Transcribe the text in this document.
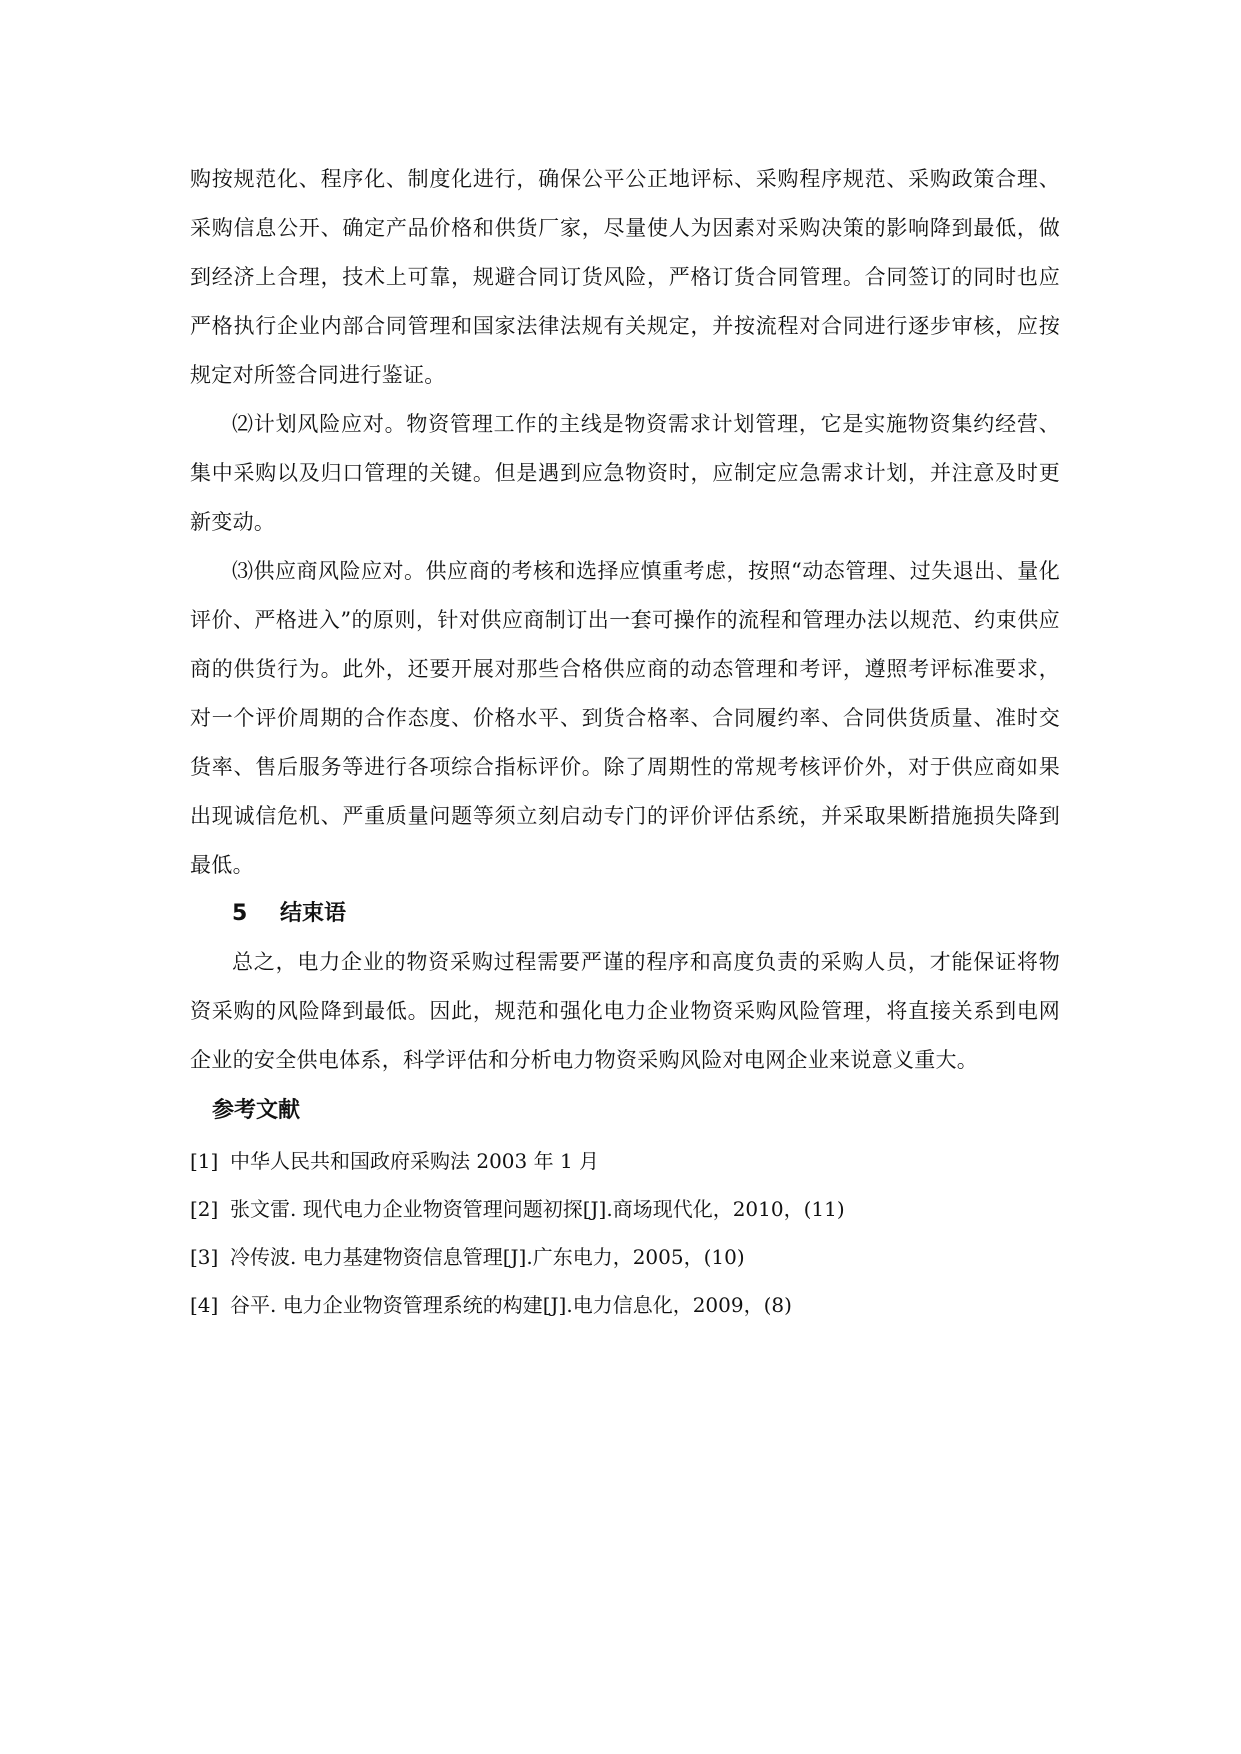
购按规范化、程序化、制度化进行，确保公平公正地评标、采购程序规范、采购政策合理、采购信息公开、确定产品价格和供货厂家，尽量使人为因素对采购决策的影响降到最低，做到经济上合理，技术上可靠，规避合同订货风险，严格订货合同管理。合同签订的同时也应严格执行企业内部合同管理和国家法律法规有关规定，并按流程对合同进行逐步审核，应按规定对所签合同进行鉴证。

⑵计划风险应对。物资管理工作的主线是物资需求计划管理，它是实施物资集约经营、集中采购以及归口管理的关键。但是遇到应急物资时，应制定应急需求计划，并注意及时更新变动。

⑶供应商风险应对。供应商的考核和选择应慎重考虑，按照“动态管理、过失退出、量化评价、严格进入”的原则，针对供应商制订出一套可操作的流程和管理办法以规范、约束供应商的供货行为。此外，还要开展对那些合格供应商的动态管理和考评，遵照考评标准要求，对一个评价周期的合作态度、价格水平、到货合格率、合同履约率、合同供货质量、准时交货率、售后服务等进行各项综合指标评价。除了周期性的常规考核评价外，对于供应商如果出现诚信危机、严重质量问题等须立刻启动专门的评价评估系统，并采取果断措施损失降到最低。

5 结束语

总之，电力企业的物资采购过程需要严谨的程序和高度负责的采购人员，才能保证将物资采购的风险降到最低。因此，规范和强化电力企业物资采购风险管理，将直接关系到电网企业的安全供电体系，科学评估和分析电力物资采购风险对电网企业来说意义重大。

参考文献
[1] 中华人民共和国政府采购法 2003 年 1 月
[2] 张文雷. 现代电力企业物资管理问题初探[J].商场现代化，2010，(11)
[3] 冷传波. 电力基建物资信息管理[J].广东电力，2005，(10)
[4] 谷平. 电力企业物资管理系统的构建[J].电力信息化，2009，(8)
